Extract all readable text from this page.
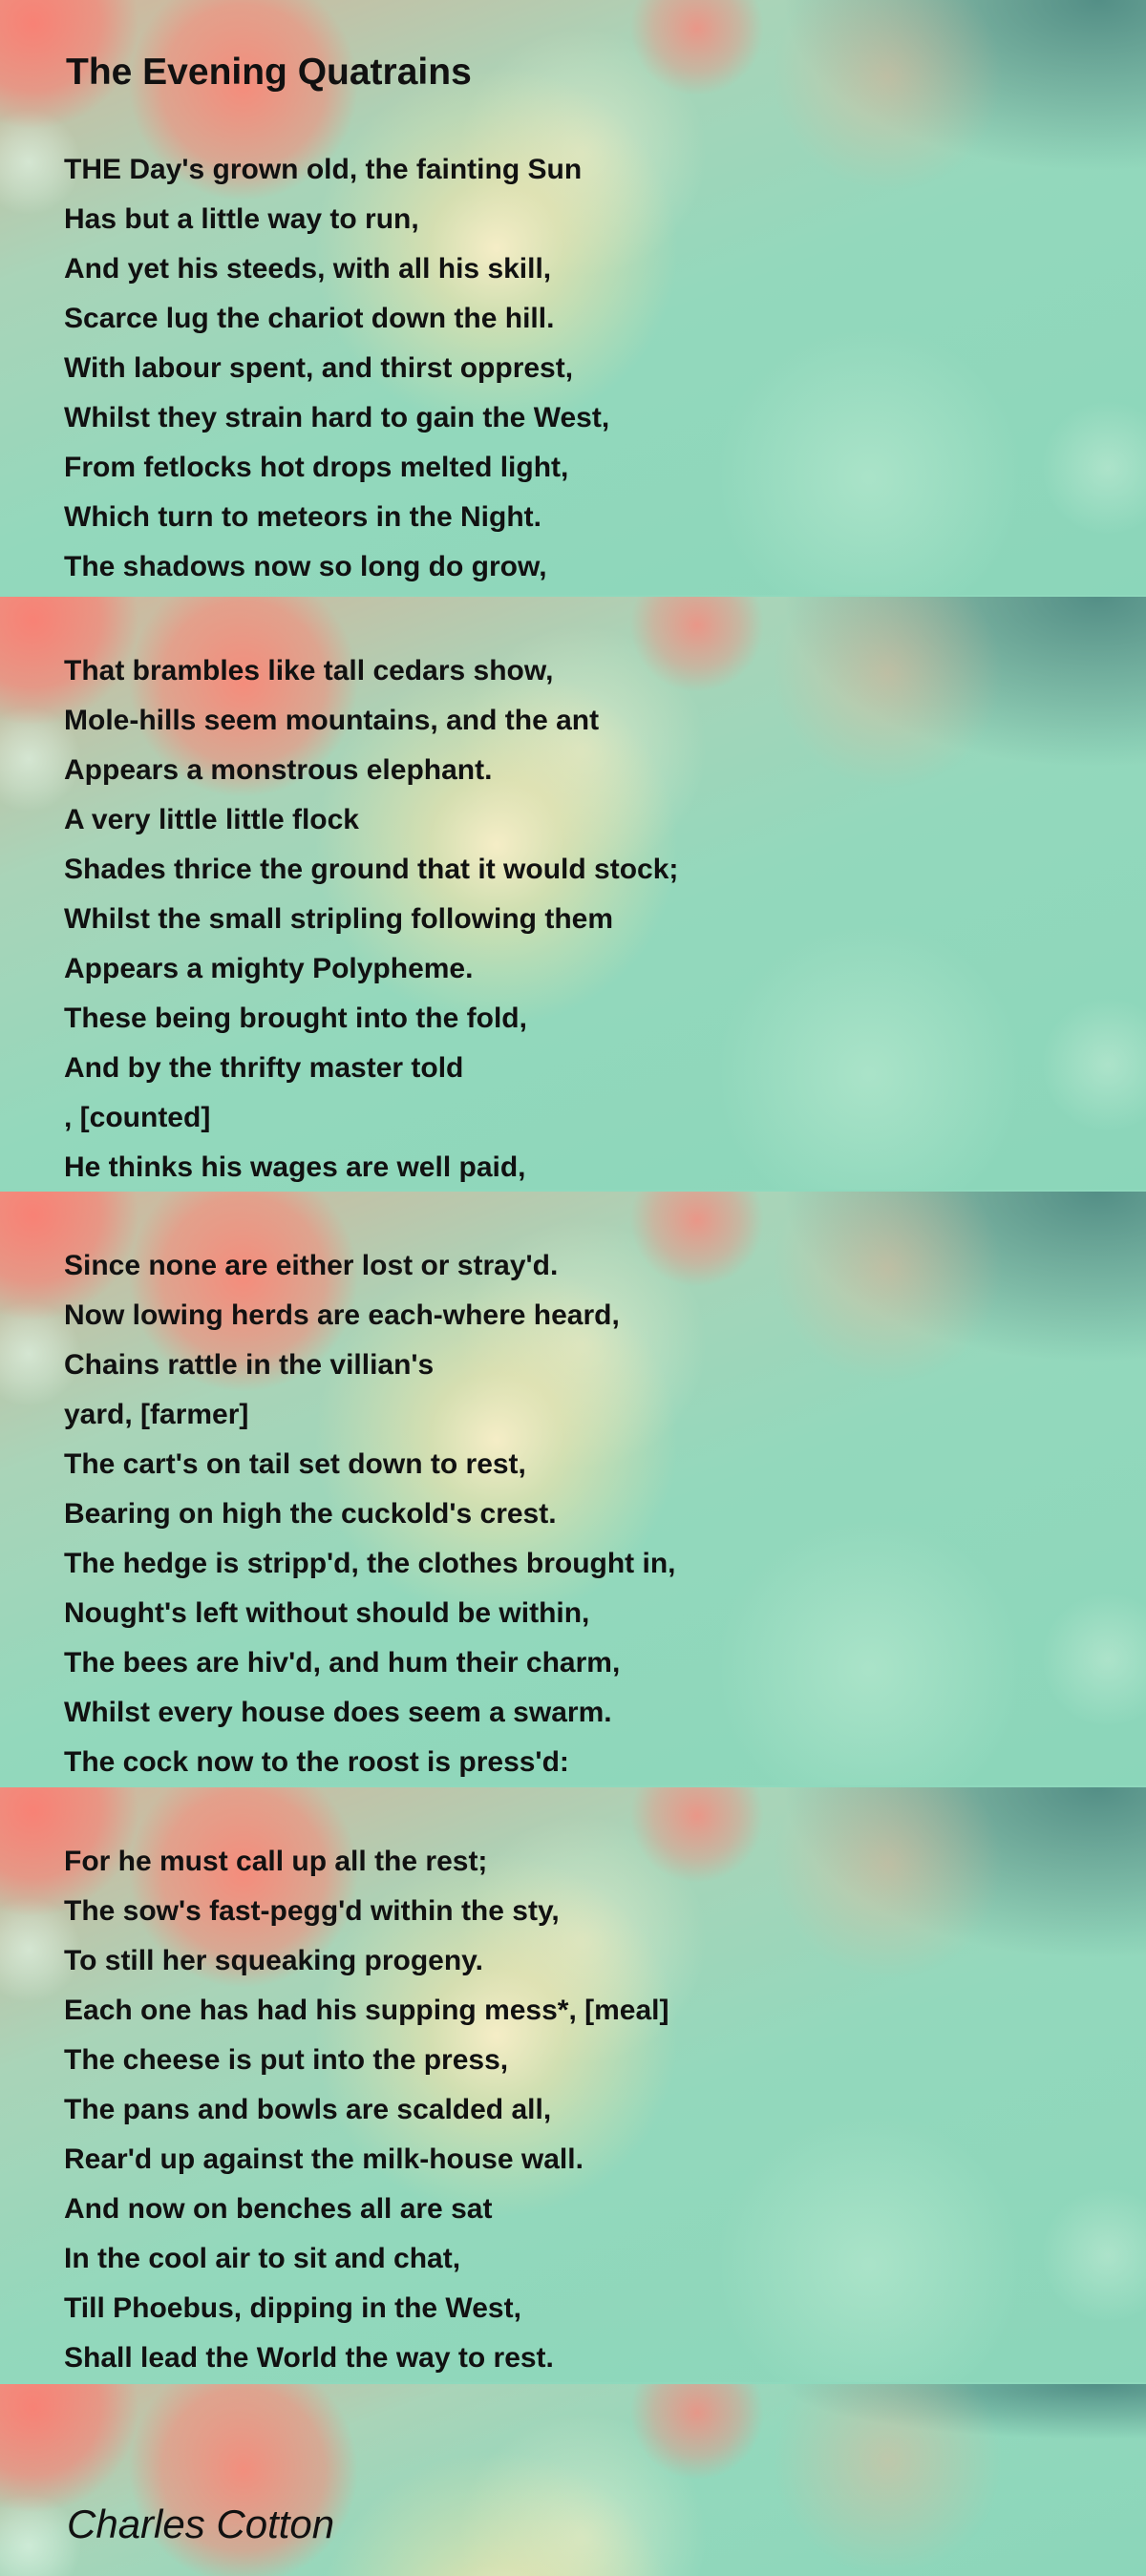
The Evening Quatrains
THE Day's grown old, the fainting Sun
Has but a little way to run,
And yet his steeds, with all his skill,
Scarce lug the chariot down the hill.
With labour spent, and thirst opprest,
Whilst they strain hard to gain the West,
From fetlocks hot drops melted light,
Which turn to meteors in the Night.
The shadows now so long do grow,
That brambles like tall cedars show,
Mole-hills seem mountains, and the ant
Appears a monstrous elephant.
A very little little flock
Shades thrice the ground that it would stock;
Whilst the small stripling following them
Appears a mighty Polypheme.
These being brought into the fold,
And by the thrifty master told
, [counted]
He thinks his wages are well paid,
Since none are either lost or stray'd.
Now lowing herds are each-where heard,
Chains rattle in the villian's
yard, [farmer]
The cart's on tail set down to rest,
Bearing on high the cuckold's crest.
The hedge is stripp'd, the clothes brought in,
Nought's left without should be within,
The bees are hiv'd, and hum their charm,
Whilst every house does seem a swarm.
The cock now to the roost is press'd:
For he must call up all the rest;
The sow's fast-pegg'd within the sty,
To still her squeaking progeny.
Each one has had his supping mess*, [meal]
The cheese is put into the press,
The pans and bowls are scalded all,
Rear'd up against the milk-house wall.
And now on benches all are sat
In the cool air to sit and chat,
Till Phoebus, dipping in the West,
Shall lead the World the way to rest.

Charles Cotton
